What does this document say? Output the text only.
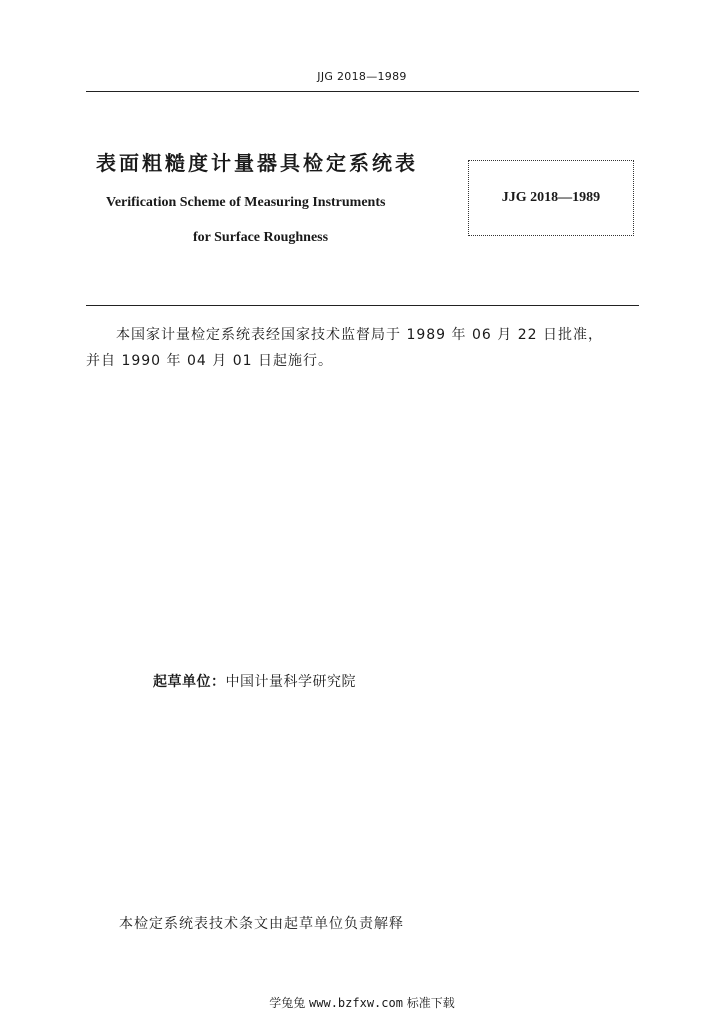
JJG 2018—1989
表面粗糙度计量器具检定系统表
Verification Scheme of Measuring Instruments
for Surface Roughness
JJG 2018—1989
本国家计量检定系统表经国家技术监督局于 1989 年 06 月 22 日批准，
并自 1990 年 04 月 01 日起施行。
起草单位：中国计量科学研究院
本检定系统表技术条文由起草单位负责解释
学兔兔 www.bzfxw.com 标准下载
